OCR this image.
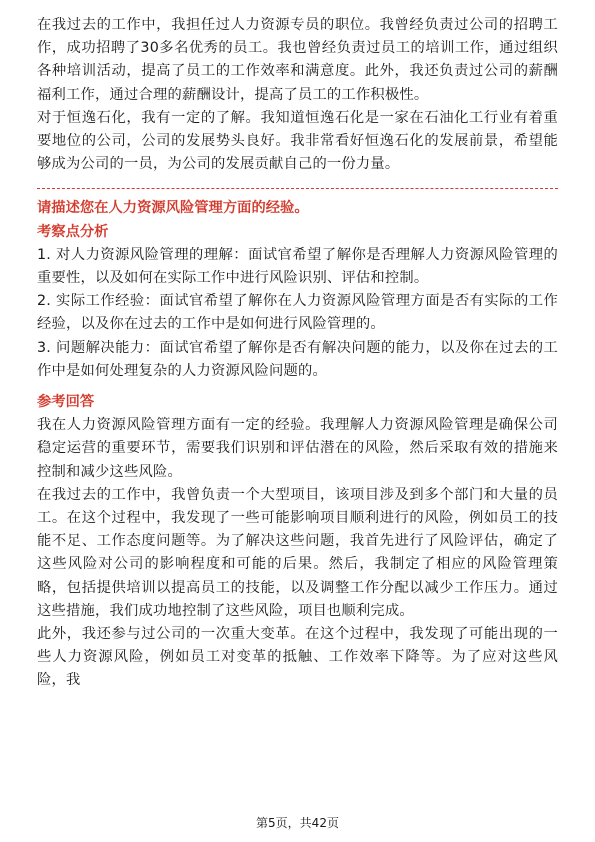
在我过去的工作中，我担任过人力资源专员的职位。我曾经负责过公司的招聘工作，成功招聘了30多名优秀的员工。我也曾经负责过员工的培训工作，通过组织各种培训活动，提高了员工的工作效率和满意度。此外，我还负责过公司的薪酬福利工作，通过合理的薪酬设计，提高了员工的工作积极性。

对于恒逸石化，我有一定的了解。我知道恒逸石化是一家在石油化工行业有着重要地位的公司，公司的发展势头良好。我非常看好恒逸石化的发展前景，希望能够成为公司的一员，为公司的发展贡献自己的一份力量。

请描述您在人力资源风险管理方面的经验。

考察点分析

1. 对人力资源风险管理的理解：面试官希望了解你是否理解人力资源风险管理的重要性，以及如何在实际工作中进行风险识别、评估和控制。

2. 实际工作经验：面试官希望了解你在人力资源风险管理方面是否有实际的工作经验，以及你在过去的工作中是如何进行风险管理的。

3. 问题解决能力：面试官希望了解你是否有解决问题的能力，以及你在过去的工作中是如何处理复杂的人力资源风险问题的。

参考回答

我在人力资源风险管理方面有一定的经验。我理解人力资源风险管理是确保公司稳定运营的重要环节，需要我们识别和评估潜在的风险，然后采取有效的措施来控制和减少这些风险。

在我过去的工作中，我曾负责一个大型项目，该项目涉及到多个部门和大量的员工。在这个过程中，我发现了一些可能影响项目顺利进行的风险，例如员工的技能不足、工作态度问题等。为了解决这些问题，我首先进行了风险评估，确定了这些风险对公司的影响程度和可能的后果。然后，我制定了相应的风险管理策略，包括提供培训以提高员工的技能，以及调整工作分配以减少工作压力。通过这些措施，我们成功地控制了这些风险，项目也顺利完成。

此外，我还参与过公司的一次重大变革。在这个过程中，我发现了可能出现的一些人力资源风险，例如员工对变革的抵触、工作效率下降等。为了应对这些风险，我

第5页，共42页
